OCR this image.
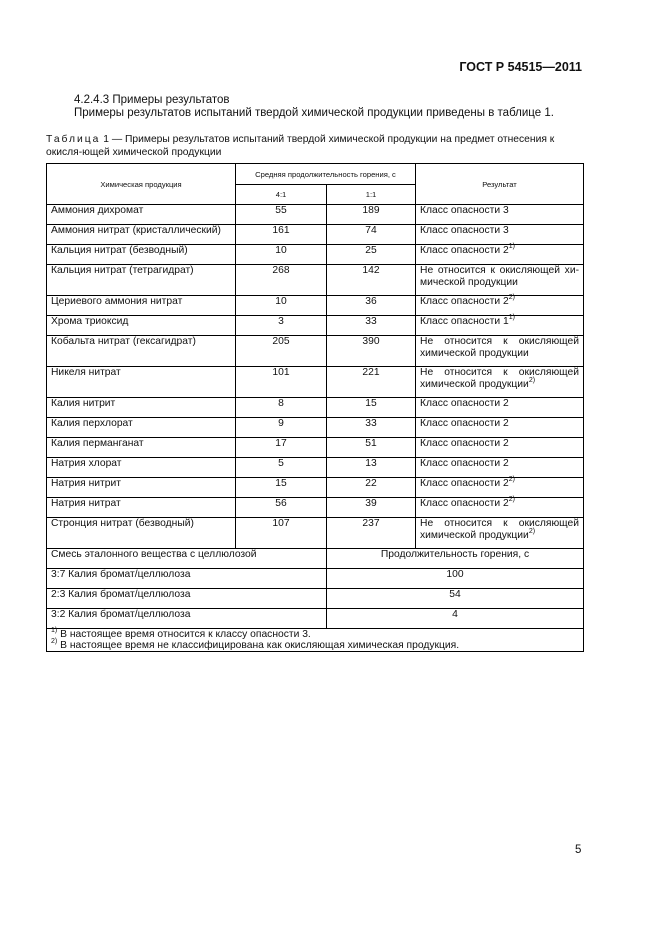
ГОСТ Р 54515—2011
4.2.4.3 Примеры результатов
Примеры результатов испытаний твердой химической продукции приведены в таблице 1.
Таблица 1 — Примеры результатов испытаний твердой химической продукции на предмет отнесения к окисля-ющей химической продукции
Химическая продукция	Средняя продолжительность горения, с		Результат
	4:1	1:1	
Аммония дихромат	55	189	Класс опасности 3
Аммония нитрат (кристаллический)	161	74	Класс опасности 3
Кальция нитрат (безводный)	10	25	Класс опасности 2$^{1)}$
Кальция нитрат (тетрагидрат)	268	142	Не относится к окисляющей хи-мической продукции
Цериевого аммония нитрат	10	36	Класс опасности 2$^{2)}$
Хрома триоксид	3	33	Класс опасности 1$^{1)}$
Кобальта нитрат (гексагидрат)	205	390	Не относится к окисляющей химической продукции
Никеля нитрат	101	221	Не относится к окисляющей химической продукции$^{2)}$
Калия нитрит	8	15	Класс опасности 2
Калия перхлорат	9	33	Класс опасности 2
Калия перманганат	17	51	Класс опасности 2
Натрия хлорат	5	13	Класс опасности 2
Натрия нитрит	15	22	Класс опасности 2$^{2)}$
Натрия нитрат	56	39	Класс опасности 2$^{2)}$
Стронция нитрат (безводный)	107	237	Не относится к окисляющей химической продукции$^{2)}$
Смесь эталонного вещества с целлюлозой		Продолжительность горения, с	
3:7 Калия бромат/целлюлоза		100	
2:3 Калия бромат/целлюлоза		54	
3:2 Калия бромат/целлюлоза		4	

$^{1)}$ В настоящее время относится к классу опасности 3.
$^{2)}$ В настоящее время не классифицирована как окисляющая химическая продукция.			
5
